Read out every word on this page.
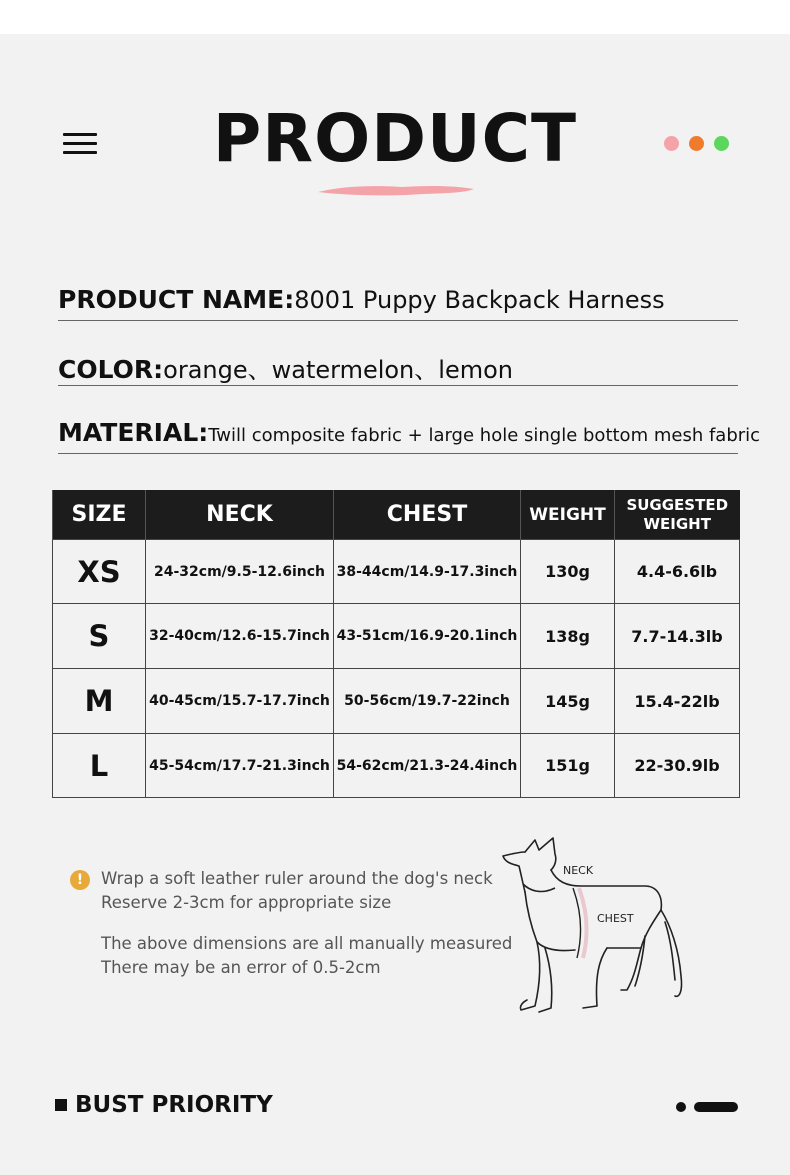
PRODUCT
PRODUCT NAME:8001 Puppy Backpack Harness
COLOR:orange、watermelon、lemon
MATERIAL:Twill composite fabric + large hole single bottom mesh fabric
SIZE	NECK	CHEST	WEIGHT	SUGGESTED
WEIGHT
XS	24-32cm/9.5-12.6inch	38-44cm/14.9-17.3inch	130g	4.4-6.6lb
S	32-40cm/12.6-15.7inch	43-51cm/16.9-20.1inch	138g	7.7-14.3lb
M	40-45cm/15.7-17.7inch	50-56cm/19.7-22inch	145g	15.4-22lb
L	45-54cm/17.7-21.3inch	54-62cm/21.3-24.4inch	151g	22-30.9lb
!	Wrap a soft leather ruler around the dog's neck
Reserve 2-3cm for appropriate size
The above dimensions are all manually measured
There may be an error of 0.5-2cm
NECK
CHEST
BUST PRIORITY
